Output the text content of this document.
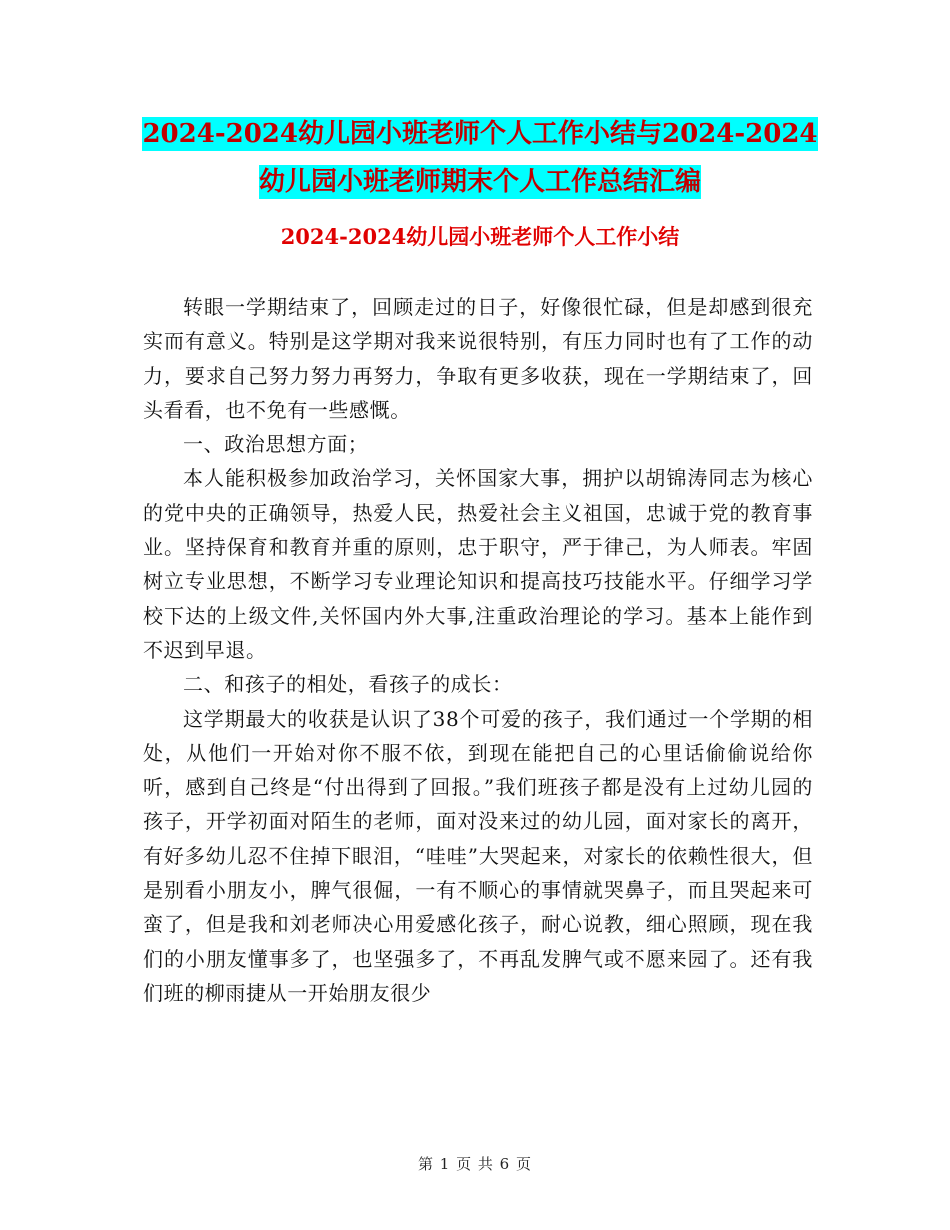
2024-2024幼儿园小班老师个人工作小结与2024-2024
幼儿园小班老师期末个人工作总结汇编
2024-2024幼儿园小班老师个人工作小结

转眼一学期结束了，回顾走过的日子，好像很忙碌，但是却感到很充实而有意义。特别是这学期对我来说很特别，有压力同时也有了工作的动力，要求自己努力努力再努力，争取有更多收获，现在一学期结束了，回头看看，也不免有一些感慨。

一、政治思想方面；

本人能积极参加政治学习，关怀国家大事，拥护以胡锦涛同志为核心的党中央的正确领导，热爱人民，热爱社会主义祖国，忠诚于党的教育事业。坚持保育和教育并重的原则，忠于职守，严于律己，为人师表。牢固树立专业思想，不断学习专业理论知识和提高技巧技能水平。仔细学习学校下达的上级文件,关怀国内外大事,注重政治理论的学习。基本上能作到不迟到早退。

二、和孩子的相处，看孩子的成长：

这学期最大的收获是认识了38个可爱的孩子，我们通过一个学期的相处，从他们一开始对你不服不依，到现在能把自己的心里话偷偷说给你听，感到自己终是“付出得到了回报。”我们班孩子都是没有上过幼儿园的孩子，开学初面对陌生的老师，面对没来过的幼儿园，面对家长的离开，有好多幼儿忍不住掉下眼泪，“哇哇”大哭起来，对家长的依赖性很大，但是别看小朋友小，脾气很倔，一有不顺心的事情就哭鼻子，而且哭起来可蛮了，但是我和刘老师决心用爱感化孩子，耐心说教，细心照顾，现在我们的小朋友懂事多了，也坚强多了，不再乱发脾气或不愿来园了。还有我们班的柳雨捷从一开始朋友很少

第 1 页 共 6 页
